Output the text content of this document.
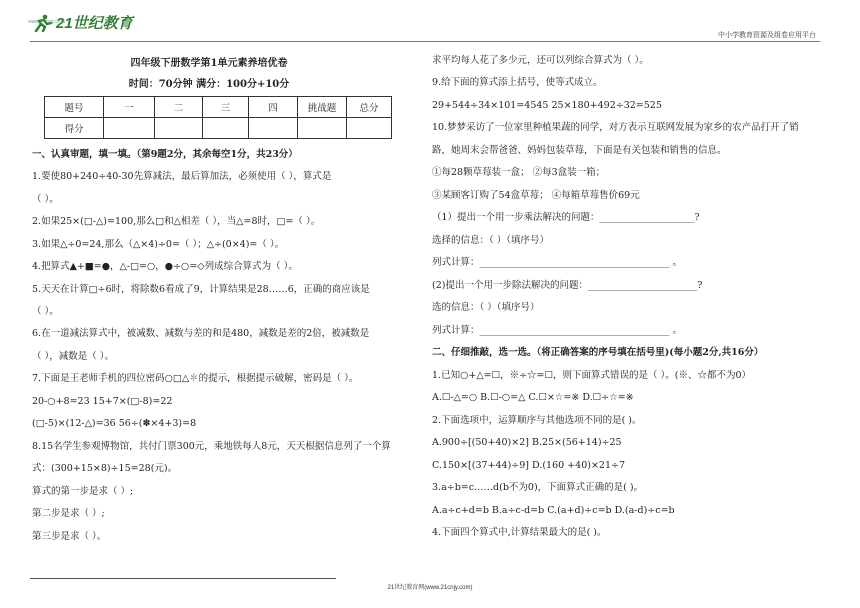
21世纪教育
www.21cnjy.com
中小学教育资源及组卷应用平台
四年级下册数学第1单元素养培优卷
时间：70分钟 满分：100分+10分
题号	一	二	三	四	挑战题	总分
得分						
一、认真审题，填一填。（第9题2分，其余每空1分，共23分）
1.要使80+240÷40-30先算减法，最后算加法，必须使用（ ），算式是
（ ）。
2.如果25×(□-△)=100,那么□和△相差（ ），当△=8时，□=（ ）。
3.如果△÷0=24,那么（△×4)÷0=（ ）；△÷(0×4)=（ ）。
4.把算式▲+■=●，△-□=○，●÷○=◇列成综合算式为（ ）。
5.天天在计算□÷6时，将除数6看成了9，计算结果是28……6，正确的商应该是
（ ）。
6.在一道减法算式中，被减数、减数与差的和是480，减数是差的2倍，被减数是
（ ），减数是（ ）。
7.下面是王老师手机的四位密码○□△✽的提示，根据提示破解，密码是（ ）。
20-○+8=23 15+7×(□-8)=22
(□-5)×(12-△)=36 56÷(✽×4+3)=8
8.15名学生参观博物馆，共付门票300元，乘地铁每人8元，天天根据信息列了一个算
式：(300+15×8)÷15=28(元)。
算式的第一步是求（ ）;
第二步是求（ ）;
第三步是求（ ）。
求平均每人花了多少元，还可以列综合算式为（ ）。
9.给下面的算式添上括号，使等式成立。
29+544÷34×101=4545 25×180+492÷32=525
10.梦梦采访了一位家里种植果蔬的同学，对方表示互联网发展为家乡的农产品打开了销
路，她周末会帮爸爸、妈妈包装草莓，下面是有关包装和销售的信息。
①每28颗草莓装一盒； ②每3盒装一箱；
③某顾客订购了54盒草莓； ④每箱草莓售价69元
（1）提出一个用一步乘法解决的问题：____________________?
选择的信息：（ ）（填序号）
列式计算：________________________________________ 。
(2)提出一个用一步除法解决的问题：_______________________?
选的信息：（ ）（填序号）
列式计算：________________________________________ 。
二、仔细推敲，选一选。（将正确答案的序号填在括号里)(每小题2分,共16分）
1.已知○+△=☐，※÷☆=☐，则下面算式错误的是（ ）。(※、☆都不为0）
A.☐-△=○ B.☐-○=△ C.☐×☆=※ D.☐÷☆=※
2.下面选项中，运算顺序与其他选项不同的是( )。
A.900÷[(50+40)×2] B.25×(56+14)÷25
C.150×[(37+44)÷9] D.(160 +40)×21÷7
3.a÷b=c……d(b不为0)，下面算式正确的是( )。
A.a÷c+d=b B.a÷c-d=b C.(a+d)÷c=b D.(a-d)÷c=b
4.下面四个算式中,计算结果最大的是( )。
21世纪教育网(www.21cnjy.com)
